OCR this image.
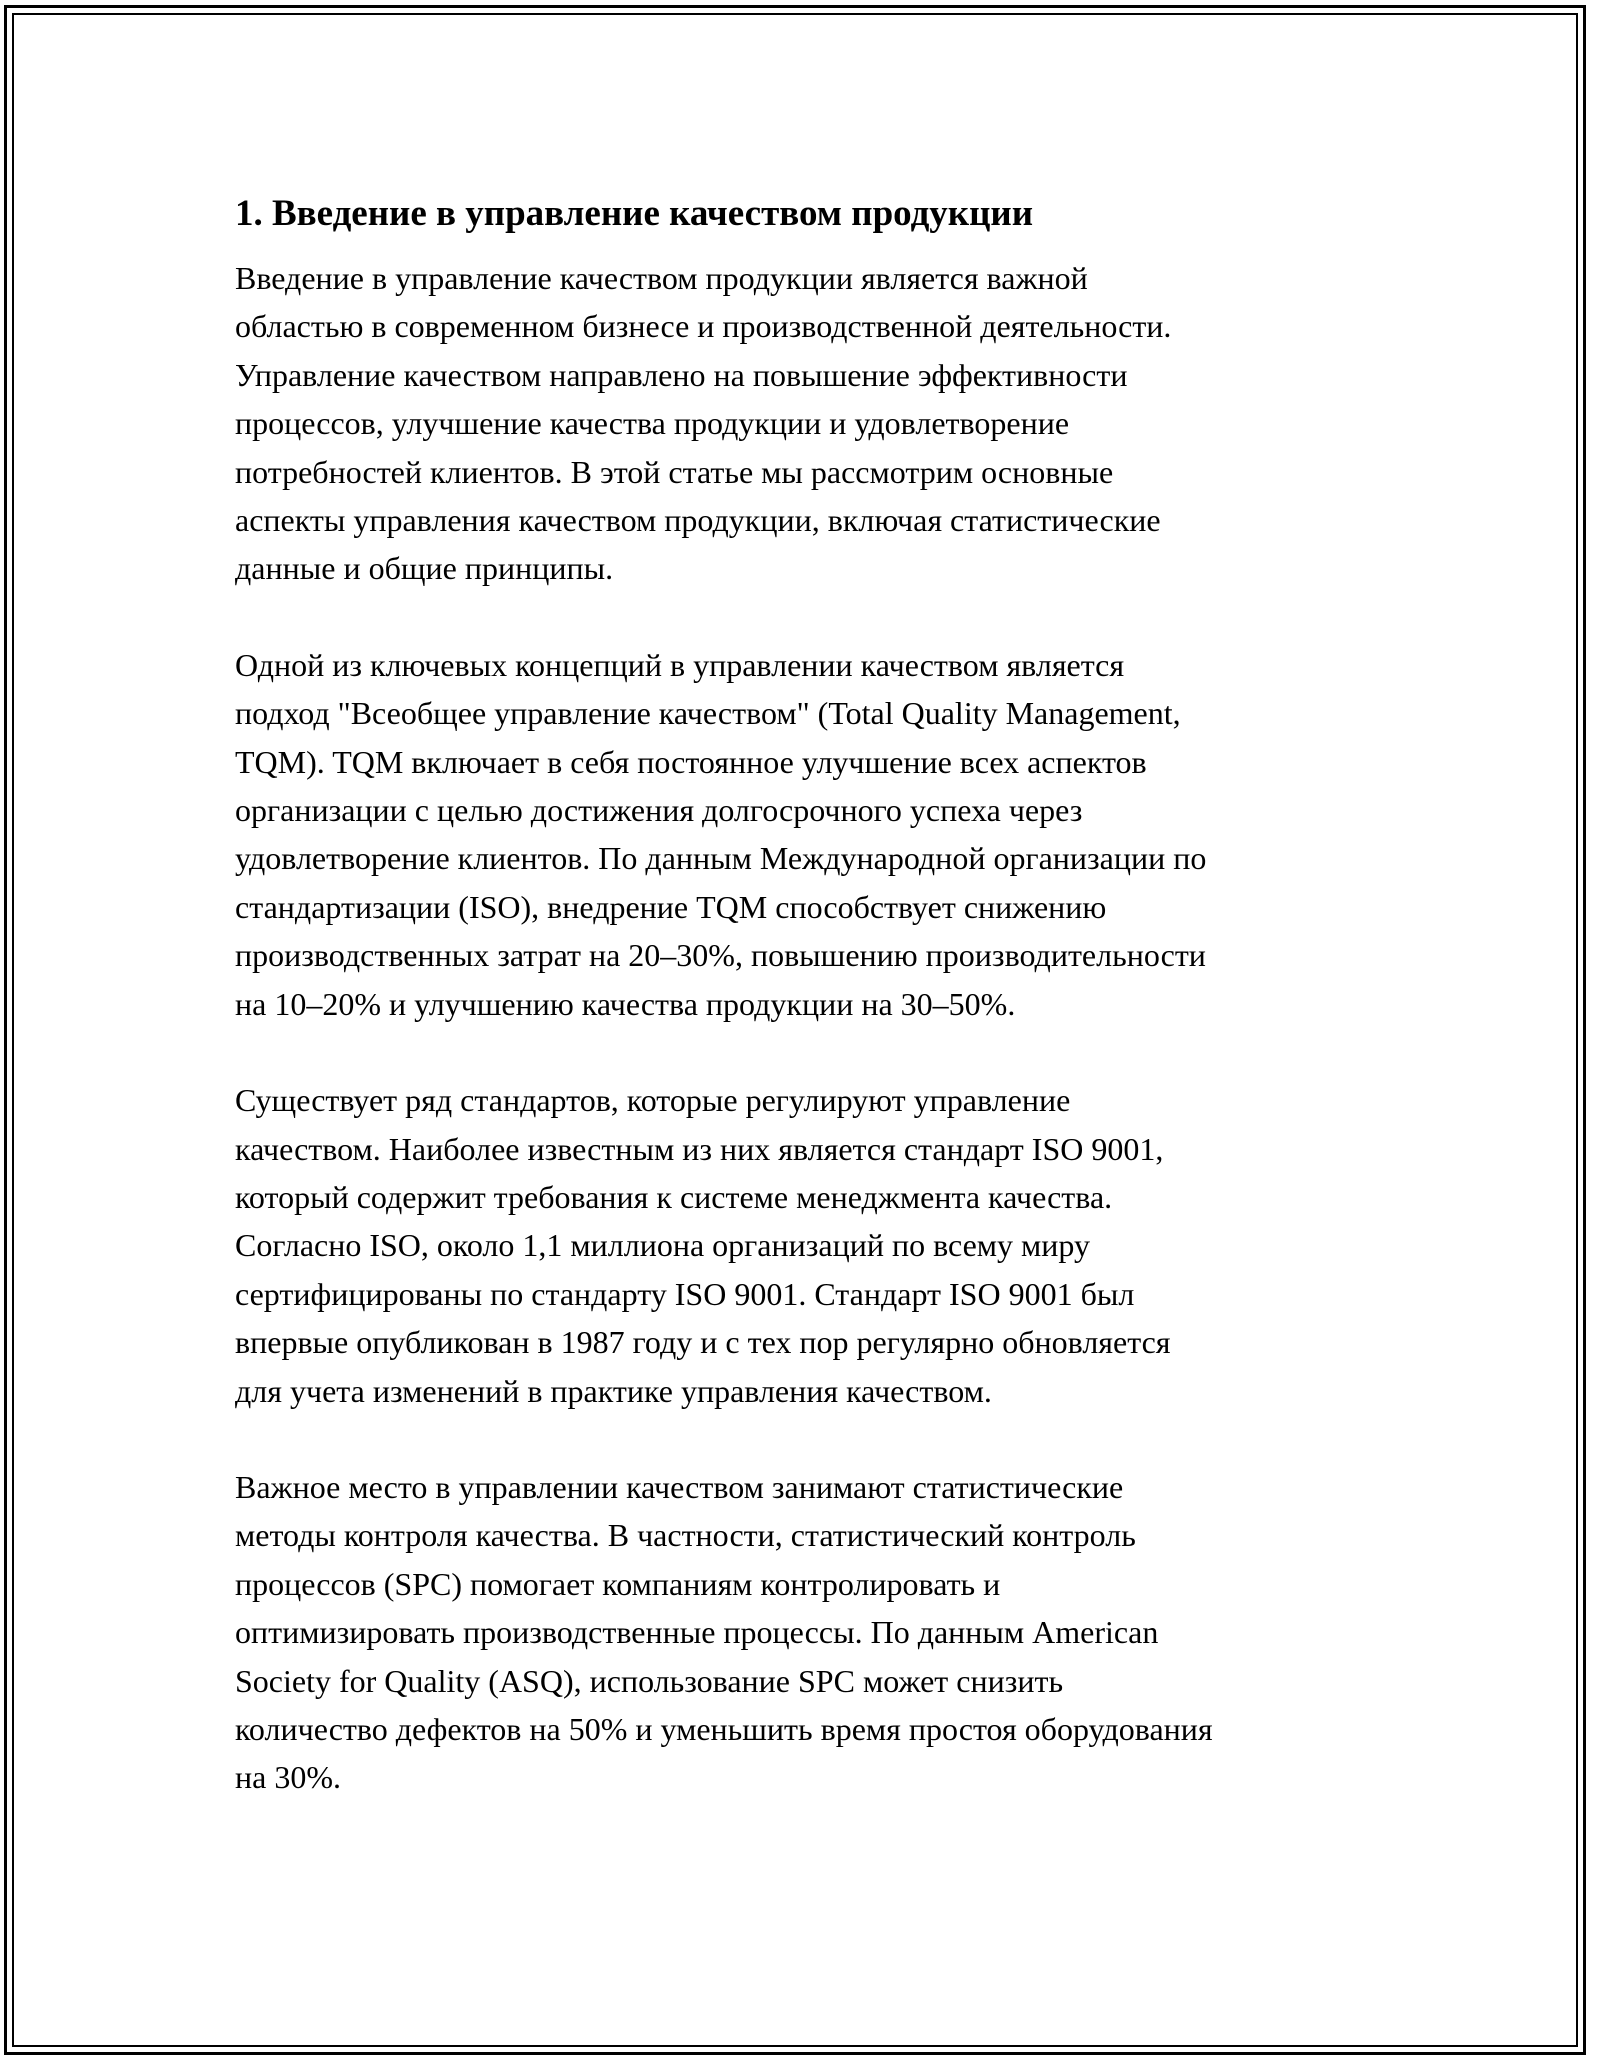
1. Введение в управление качеством продукции

Введение в управление качеством продукции является важной
областью в современном бизнесе и производственной деятельности.
Управление качеством направлено на повышение эффективности
процессов, улучшение качества продукции и удовлетворение
потребностей клиентов. В этой статье мы рассмотрим основные
аспекты управления качеством продукции, включая статистические
данные и общие принципы.

Одной из ключевых концепций в управлении качеством является
подход "Всеобщее управление качеством" (Total Quality Management,
TQM). TQM включает в себя постоянное улучшение всех аспектов
организации с целью достижения долгосрочного успеха через
удовлетворение клиентов. По данным Международной организации по
стандартизации (ISO), внедрение TQM способствует снижению
производственных затрат на 20–30%, повышению производительности
на 10–20% и улучшению качества продукции на 30–50%.

Существует ряд стандартов, которые регулируют управление
качеством. Наиболее известным из них является стандарт ISO 9001,
который содержит требования к системе менеджмента качества.
Согласно ISO, около 1,1 миллиона организаций по всему миру
сертифицированы по стандарту ISO 9001. Стандарт ISO 9001 был
впервые опубликован в 1987 году и с тех пор регулярно обновляется
для учета изменений в практике управления качеством.

Важное место в управлении качеством занимают статистические
методы контроля качества. В частности, статистический контроль
процессов (SPC) помогает компаниям контролировать и
оптимизировать производственные процессы. По данным American
Society for Quality (ASQ), использование SPC может снизить
количество дефектов на 50% и уменьшить время простоя оборудования
на 30%.
